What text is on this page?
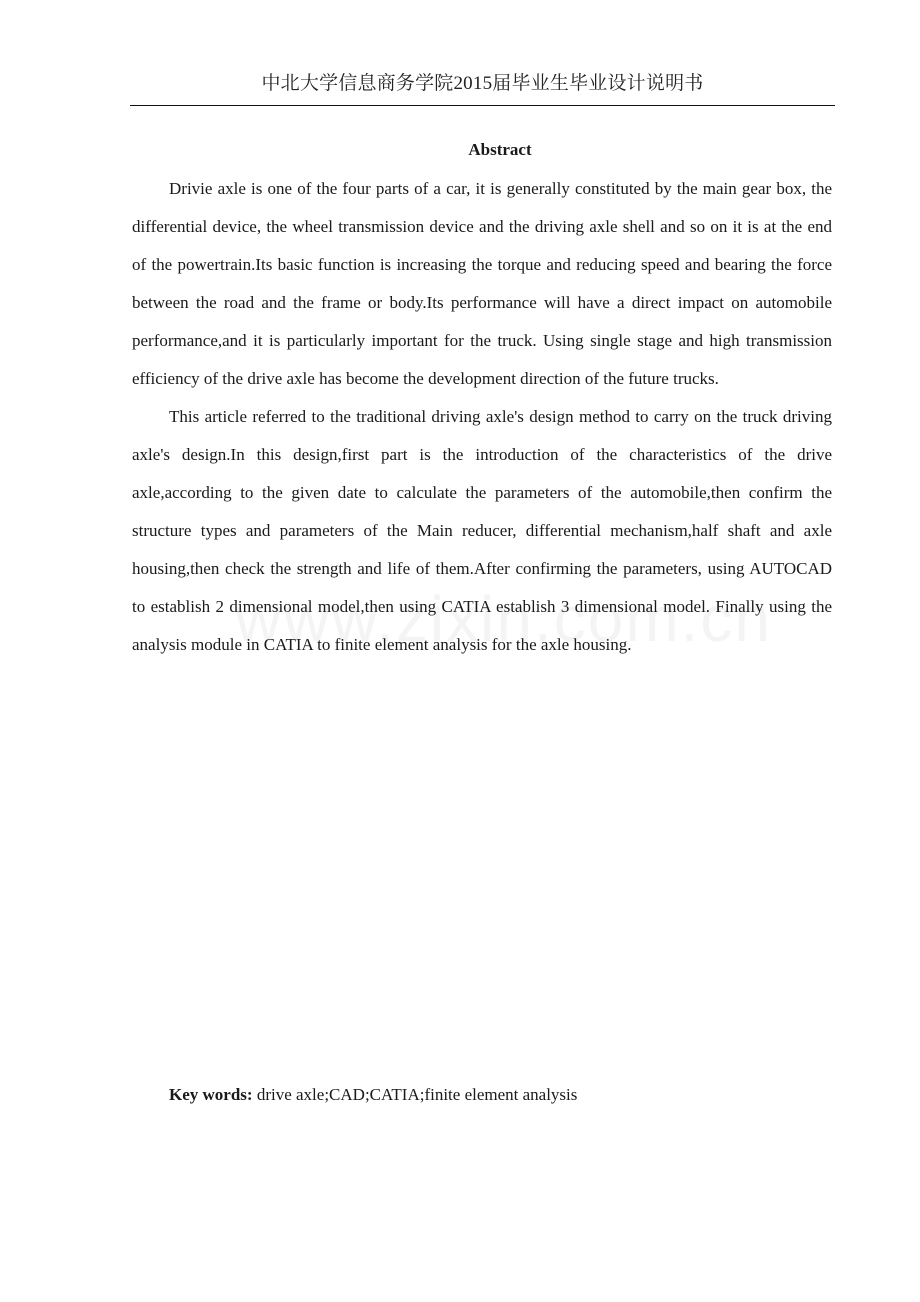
中北大学信息商务学院2015届毕业生毕业设计说明书
Abstract

Drivie axle is one of the four parts of a car, it is generally constituted by the main gear box, the differential device, the wheel transmission device and the driving axle shell and so on it is at the end of the powertrain.Its basic function is increasing the torque and reducing speed and bearing the force between the road and the frame or body.Its performance will have a direct impact on automobile performance,and it is particularly important for the truck. Using single stage and high transmission efficiency of the drive axle has become the development direction of the future trucks.

This article referred to the traditional driving axle's design method to carry on the truck driving axle's design.In this design,first part is the introduction of the characteristics of the drive axle,according to the given date to calculate the parameters of the automobile,then confirm the structure types and parameters of the Main reducer, differential mechanism,half shaft and axle housing,then check the strength and life of them.After confirming the parameters, using AUTOCAD to establish 2 dimensional model,then using CATIA establish 3 dimensional model. Finally using the analysis module in CATIA to finite element analysis for the axle housing.

Key words: drive axle;CAD;CATIA;finite element analysis
